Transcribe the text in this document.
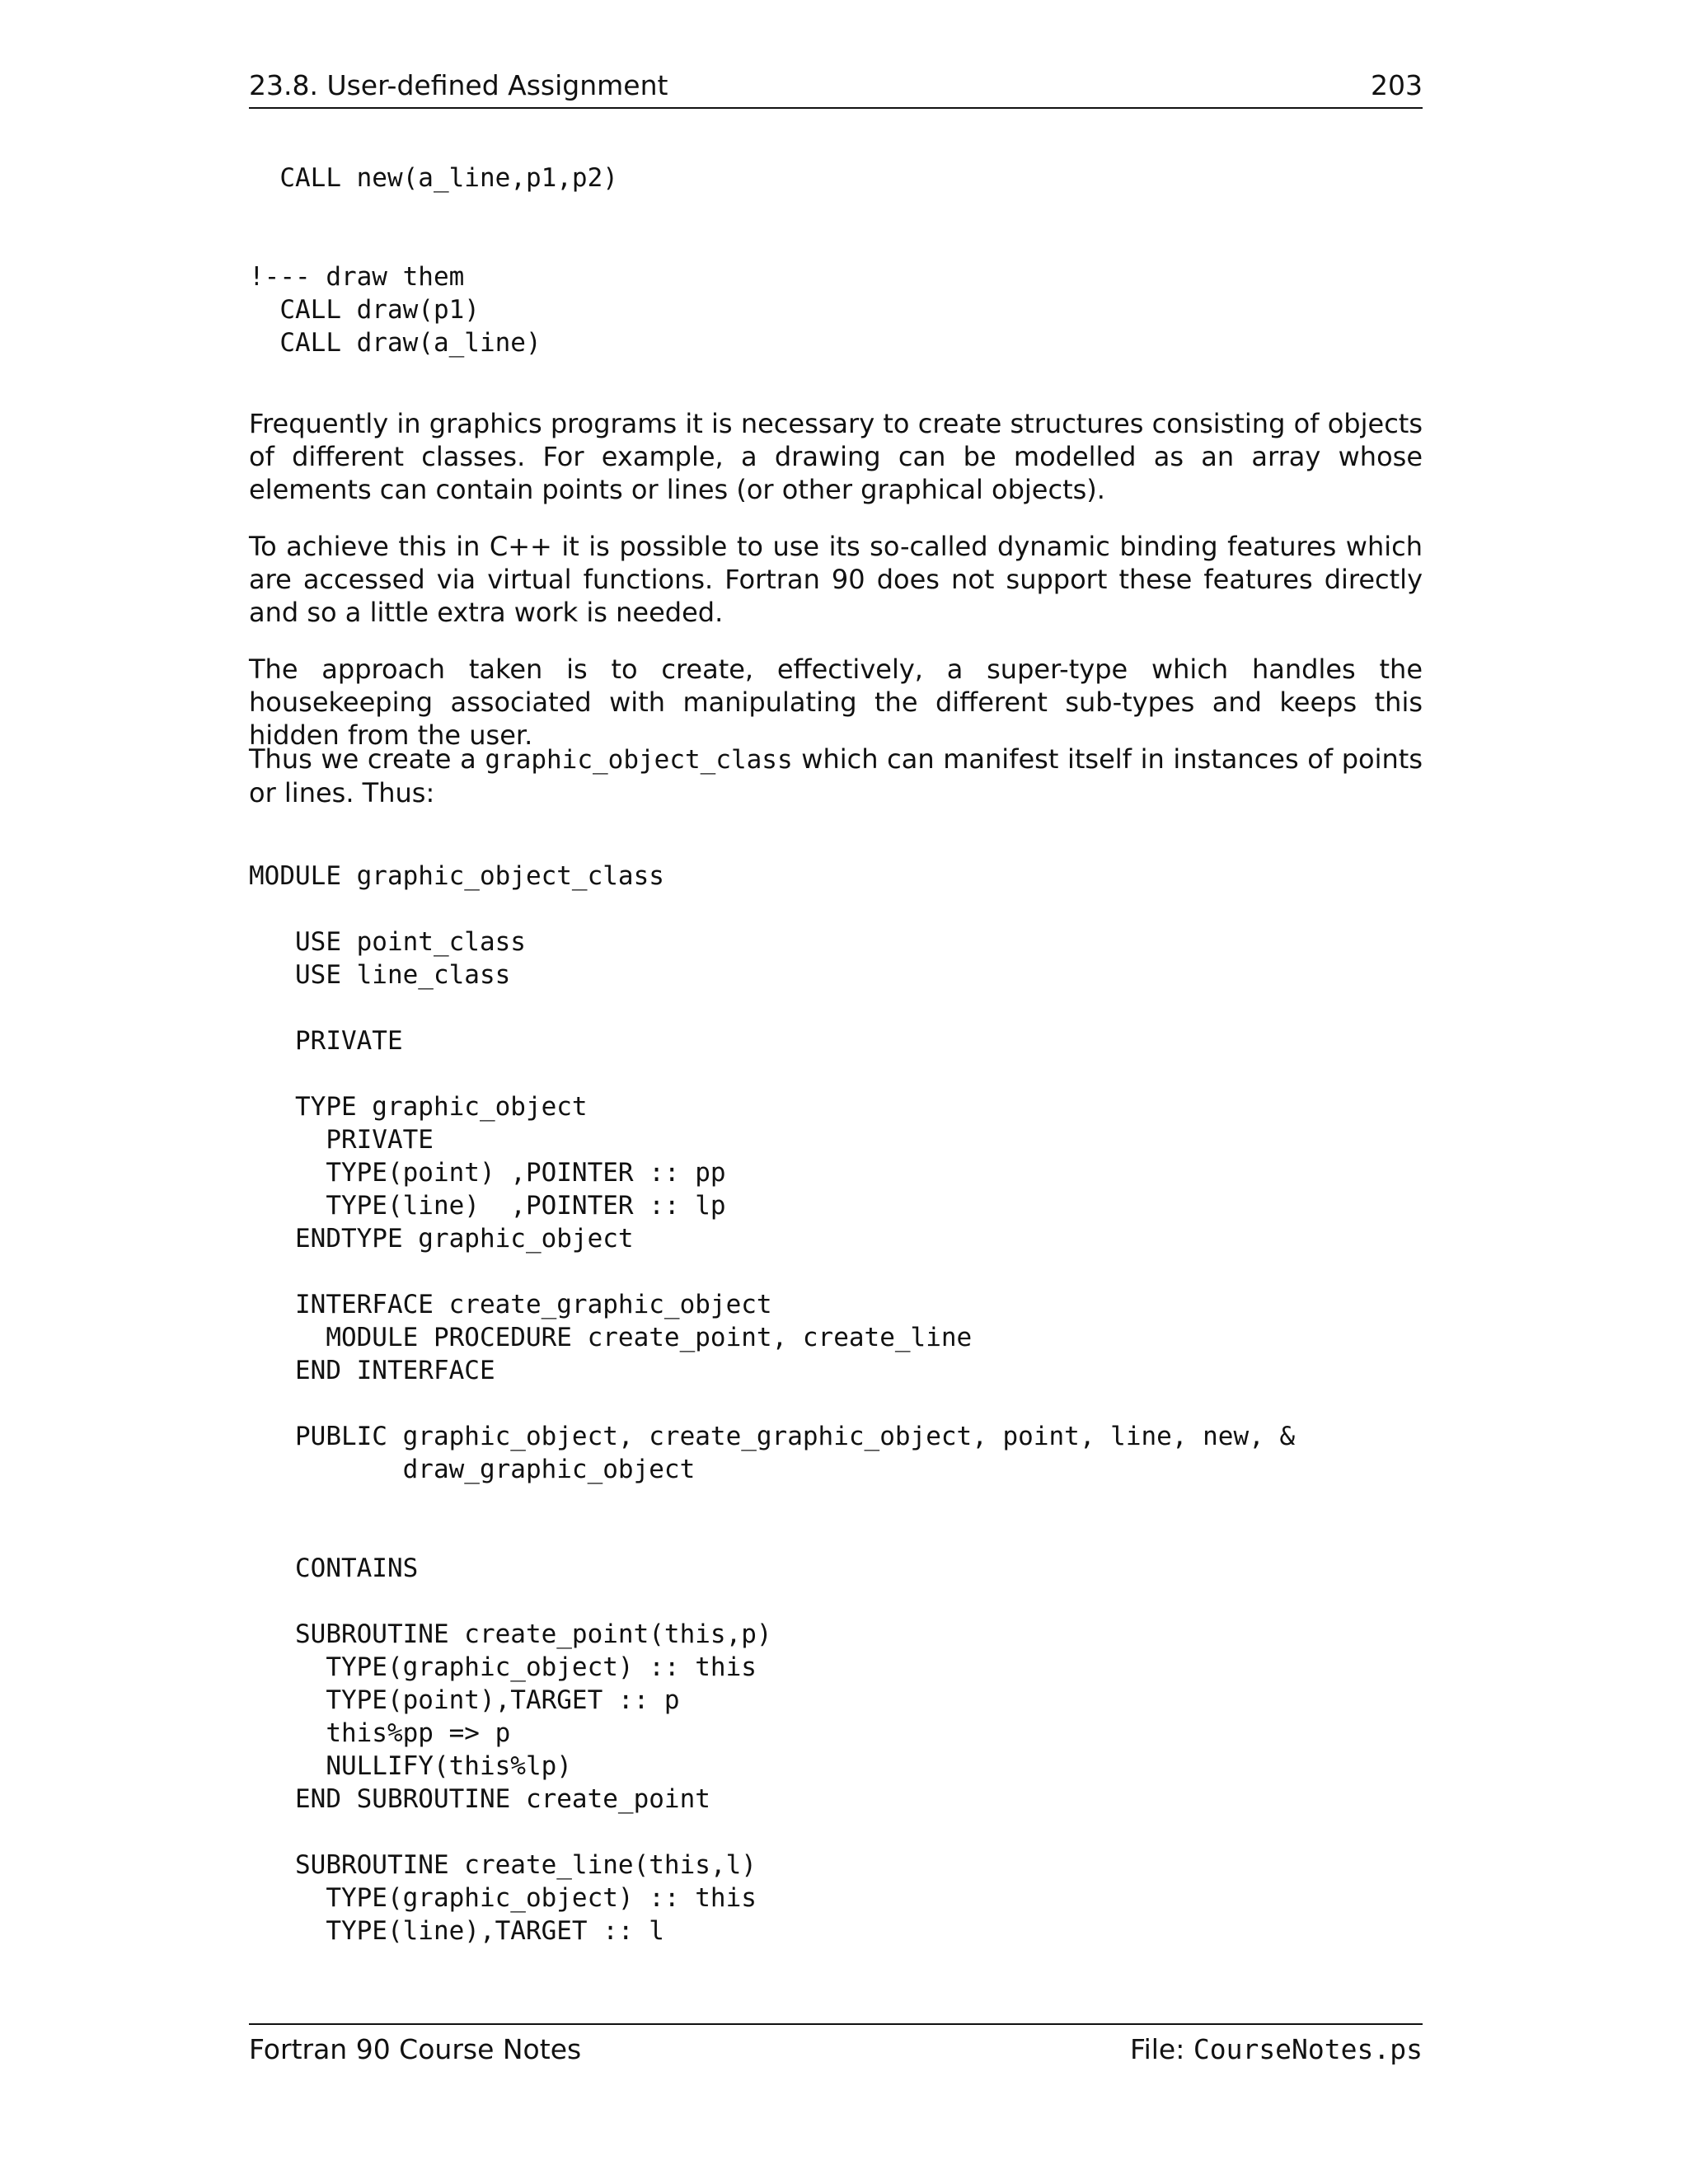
23.8. User-defined Assignment	203
CALL new(a_line,p1,p2)

!--- draw them
CALL draw(p1)
CALL draw(a_line)

Frequently in graphics programs it is necessary to create structures consisting of objects of different classes. For example, a drawing can be modelled as an array whose elements can contain points or lines (or other graphical objects).

To achieve this in C++ it is possible to use its so-called dynamic binding features which are accessed via virtual functions. Fortran 90 does not support these features directly and so a little extra work is needed.

The approach taken is to create, effectively, a super-type which handles the housekeeping associated with manipulating the different sub-types and keeps this hidden from the user.

Thus we create a graphic_object_class which can manifest itself in instances of points or lines. Thus:

MODULE graphic_object_class

USE point_class
USE line_class

PRIVATE

TYPE graphic_object
PRIVATE
TYPE(point) ,POINTER :: pp
TYPE(line)  ,POINTER :: lp
ENDTYPE graphic_object

INTERFACE create_graphic_object
MODULE PROCEDURE create_point, create_line
END INTERFACE

PUBLIC graphic_object, create_graphic_object, point, line, new, &
draw_graphic_object

CONTAINS

SUBROUTINE create_point(this,p)
TYPE(graphic_object) :: this
TYPE(point),TARGET :: p
this%pp => p
NULLIFY(this%lp)
END SUBROUTINE create_point

SUBROUTINE create_line(this,l)
TYPE(graphic_object) :: this
TYPE(line),TARGET :: l
Fortran 90 Course Notes	File: CourseNotes.ps
